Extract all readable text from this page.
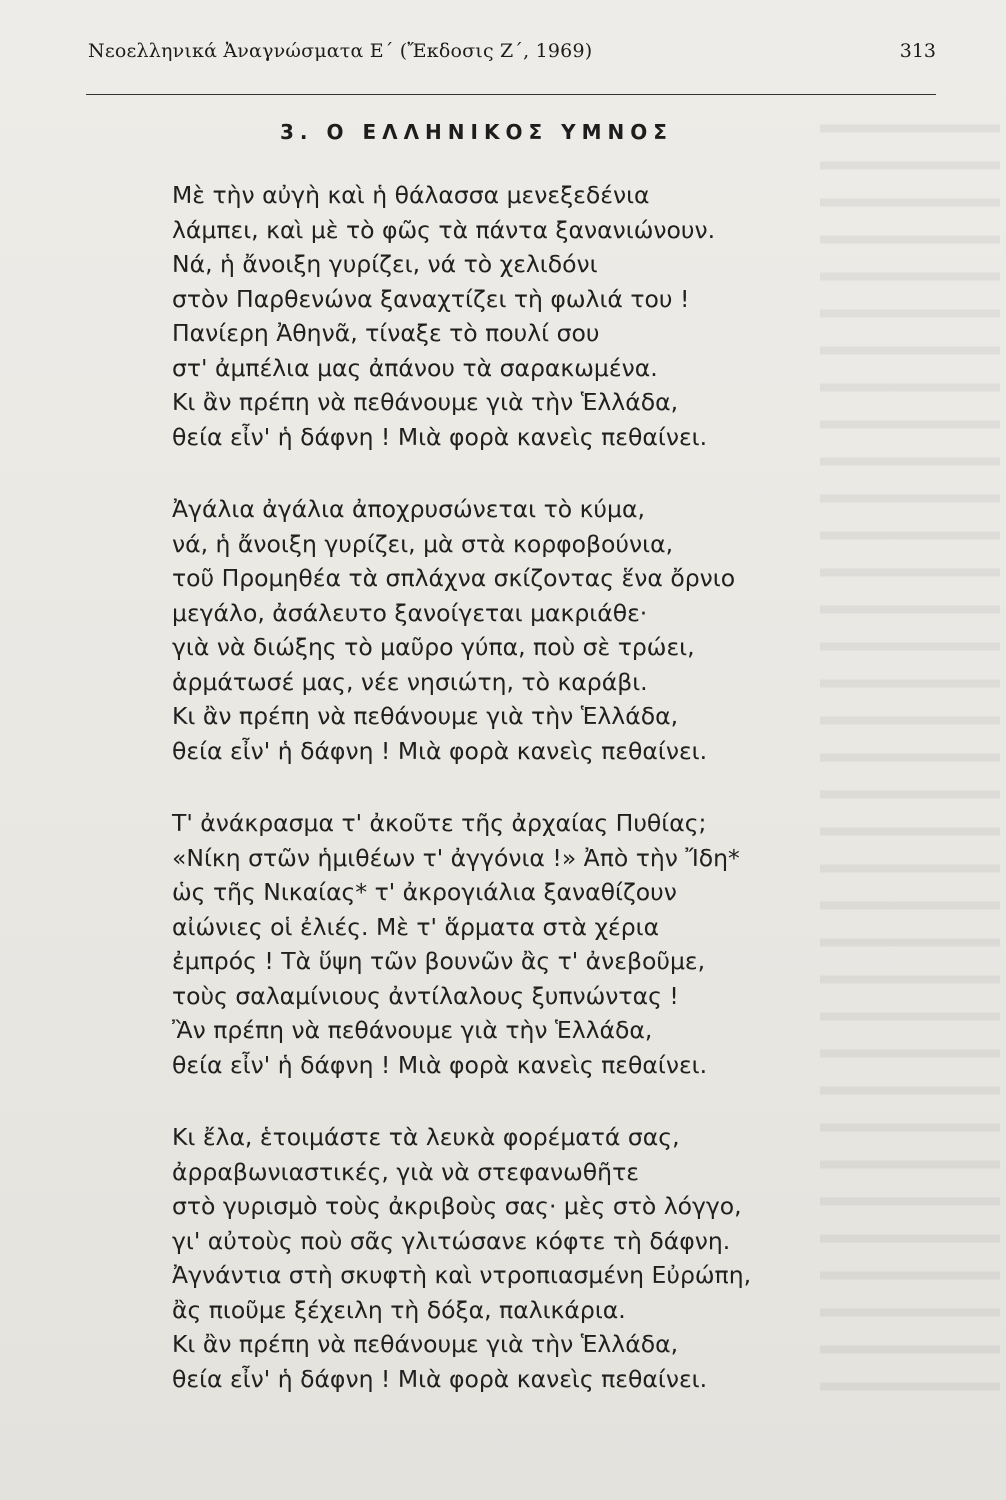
Νεοελληνικά Ἀναγνώσματα Ε΄ (Ἔκδοσις Ζ΄, 1969)	313
3. Ο ΕΛΛΗΝΙΚΟΣ ΥΜΝΟΣ
Μὲ τὴν αὐγὴ καὶ ἡ θάλασσα μενεξεδένια
λάμπει, καὶ μὲ τὸ φῶς τὰ πάντα ξανανιώνουν.
Νά, ἡ ἄνοιξη γυρίζει, νά τὸ χελιδόνι
στὸν Παρθενώνα ξαναχτίζει τὴ φωλιά του !
Πανίερη Ἀθηνᾶ, τίναξε τὸ πουλί σου
στ' ἀμπέλια μας ἀπάνου τὰ σαρακωμένα.
Κι ἂν πρέπη νὰ πεθάνουμε γιὰ τὴν Ἑλλάδα,
θεία εἶν' ἡ δάφνη ! Μιὰ φορὰ κανεὶς πεθαίνει.
Ἀγάλια ἀγάλια ἀποχρυσώνεται τὸ κύμα,
νά, ἡ ἄνοιξη γυρίζει, μὰ στὰ κορφοβούνια,
τοῦ Προμηθέα τὰ σπλάχνα σκίζοντας ἕνα ὄρνιο
μεγάλο, ἀσάλευτο ξανοίγεται μακριάθε·
γιὰ νὰ διώξης τὸ μαῦρο γύπα, ποὺ σὲ τρώει,
ἁρμάτωσέ μας, νέε νησιώτη, τὸ καράβι.
Κι ἂν πρέπη νὰ πεθάνουμε γιὰ τὴν Ἑλλάδα,
θεία εἶν' ἡ δάφνη ! Μιὰ φορὰ κανεὶς πεθαίνει.
Τ' ἀνάκρασμα τ' ἀκοῦτε τῆς ἀρχαίας Πυθίας;
«Νίκη στῶν ἡμιθέων τ' ἀγγόνια !» Ἀπὸ τὴν Ἴδη*
ὡς τῆς Νικαίας* τ' ἀκρογιάλια ξαναθίζουν
αἰώνιες οἱ ἐλιές. Μὲ τ' ἅρματα στὰ χέρια
ἐμπρός ! Τὰ ὕψη τῶν βουνῶν ἂς τ' ἀνεβοῦμε,
τοὺς σαλαμίνιους ἀντίλαλους ξυπνώντας !
Ἂν πρέπη νὰ πεθάνουμε γιὰ τὴν Ἑλλάδα,
θεία εἶν' ἡ δάφνη ! Μιὰ φορὰ κανεὶς πεθαίνει.
Κι ἔλα, ἑτοιμάστε τὰ λευκὰ φορέματά σας,
ἀρραβωνιαστικές, γιὰ νὰ στεφανωθῆτε
στὸ γυρισμὸ τοὺς ἀκριβοὺς σας· μὲς στὸ λόγγο,
γι' αὐτοὺς ποὺ σᾶς γλιτώσανε κόφτε τὴ δάφνη.
Ἀγνάντια στὴ σκυφτὴ καὶ ντροπιασμένη Εὐρώπη,
ἂς πιοῦμε ξέχειλη τὴ δόξα, παλικάρια.
Κι ἂν πρέπη νὰ πεθάνουμε γιὰ τὴν Ἑλλάδα,
θεία εἶν' ἡ δάφνη ! Μιὰ φορὰ κανεὶς πεθαίνει.
